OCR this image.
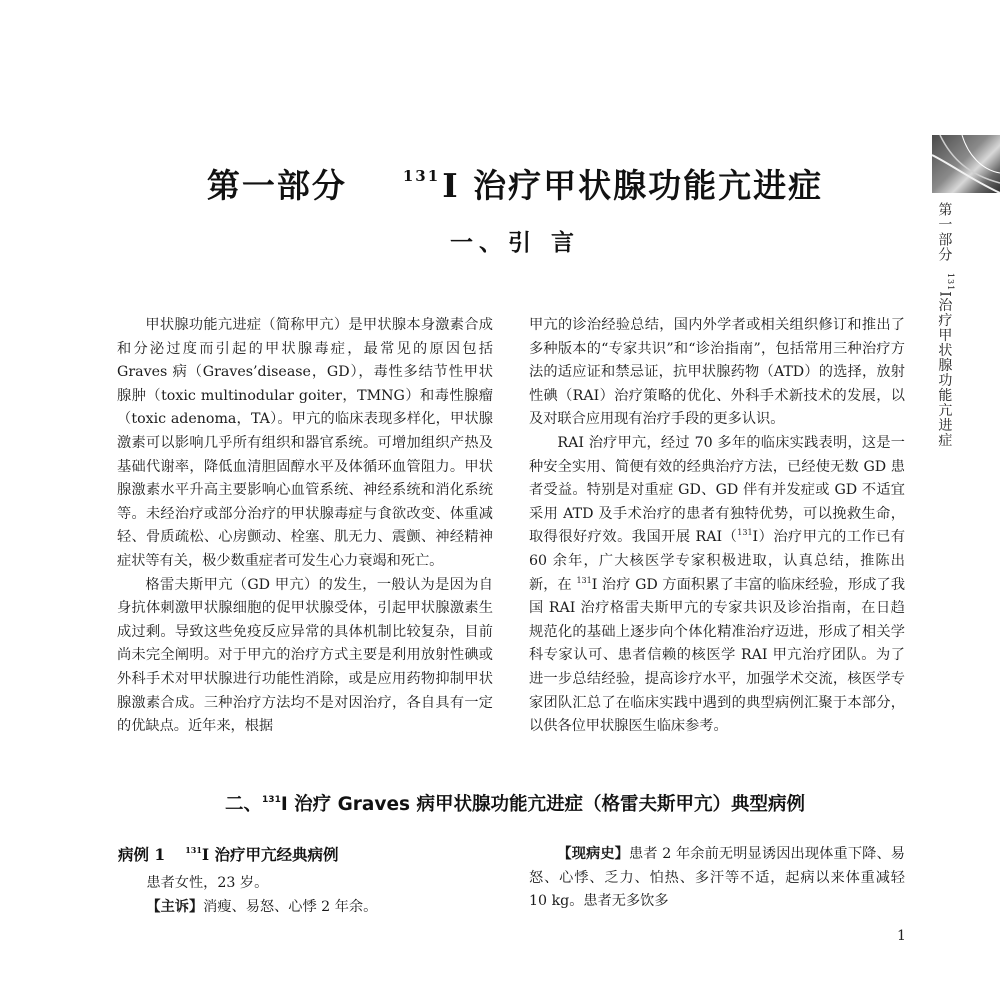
第一部分  $^{131}$I治疗甲状腺功能亢进症
第一部分	$^{131}$I 治疗甲状腺功能亢进症
一、引 言

甲状腺功能亢进症（简称甲亢）是甲状腺本身激素合成和分泌过度而引起的甲状腺毒症，最常见的原因包括 Graves 病（Graves’disease，GD），毒性多结节性甲状腺肿（toxic multinodular goiter，TMNG）和毒性腺瘤（toxic adenoma，TA）。甲亢的临床表现多样化，甲状腺激素可以影响几乎所有组织和器官系统。可增加组织产热及基础代谢率，降低血清胆固醇水平及体循环血管阻力。甲状腺激素水平升高主要影响心血管系统、神经系统和消化系统等。未经治疗或部分治疗的甲状腺毒症与食欲改变、体重减轻、骨质疏松、心房颤动、栓塞、肌无力、震颤、神经精神症状等有关，极少数重症者可发生心力衰竭和死亡。

格雷夫斯甲亢（GD 甲亢）的发生，一般认为是因为自身抗体刺激甲状腺细胞的促甲状腺受体，引起甲状腺激素生成过剩。导致这些免疫反应异常的具体机制比较复杂，目前尚未完全阐明。对于甲亢的治疗方式主要是利用放射性碘或外科手术对甲状腺进行功能性消除，或是应用药物抑制甲状腺激素合成。三种治疗方法均不是对因治疗，各自具有一定的优缺点。近年来，根据

甲亢的诊治经验总结，国内外学者或相关组织修订和推出了多种版本的“专家共识”和“诊治指南”，包括常用三种治疗方法的适应证和禁忌证，抗甲状腺药物（ATD）的选择，放射性碘（RAI）治疗策略的优化、外科手术新技术的发展，以及对联合应用现有治疗手段的更多认识。

RAI 治疗甲亢，经过 70 多年的临床实践表明，这是一种安全实用、简便有效的经典治疗方法，已经使无数 GD 患者受益。特别是对重症 GD、GD 伴有并发症或 GD 不适宜采用 ATD 及手术治疗的患者有独特优势，可以挽救生命，取得很好疗效。我国开展 RAI（$^{131}$I）治疗甲亢的工作已有 60 余年，广大核医学专家积极进取，认真总结，推陈出新，在 $^{131}$I 治疗 GD 方面积累了丰富的临床经验，形成了我国 RAI 治疗格雷夫斯甲亢的专家共识及诊治指南，在日趋规范化的基础上逐步向个体化精准治疗迈进，形成了相关学科专家认可、患者信赖的核医学 RAI 甲亢治疗团队。为了进一步总结经验，提高诊疗水平，加强学术交流，核医学专家团队汇总了在临床实践中遇到的典型病例汇聚于本部分，以供各位甲状腺医生临床参考。

二、$^{131}$I 治疗 Graves 病甲状腺功能亢进症（格雷夫斯甲亢）典型病例
病例 1	$^{131}$I 治疗甲亢经典病例
患者女性，23 岁。
【主诉】消瘦、易怒、心悸 2 年余。

【现病史】患者 2 年余前无明显诱因出现体重下降、易怒、心悸、乏力、怕热、多汗等不适，起病以来体重减轻 10 kg。患者无多饮多

1
